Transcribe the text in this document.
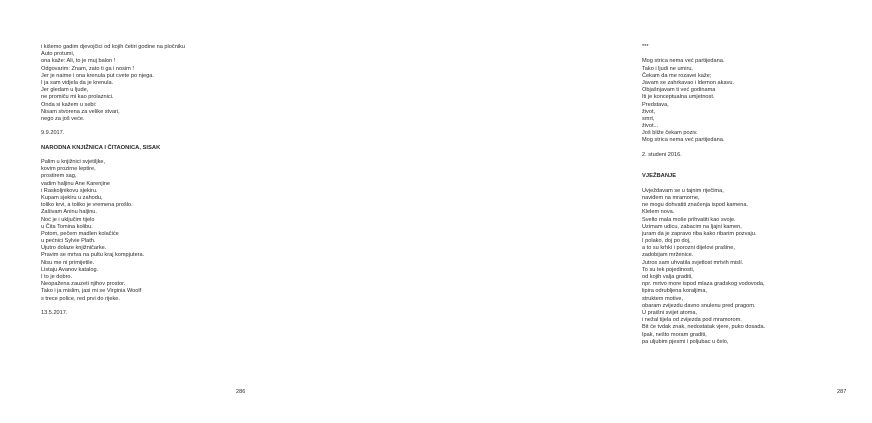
i kišemo gadim djevojčici od kojih četiri godine na pločniku
Auto protumi,
ona kaže: Ali, to je muj balon !
Odgovarim: Znam, zato ti ga i nosim !
Jer je naime i ona krenula put cvete po njega.
I ja sam vidjela da je krenula.
Jer gledam u ljude,
ne promiču mi kao prolaznici.
Onda si kažem u sebi:
Nisam stvorena za velike stvari,
nego za još veće.
9.9.2017.
NARODNA KNJIŽNICA I ČITAONICA, SISAK
Palim u knjižnici svjetiljke,
kovim prozirne leptire,
prostirem sag,
vadim haljinu Ane Karenjine
i Raskoljnikovu sjekiru.
Kupam sjekiru u zahodu,
toliko krvi, a toliko je vremena prošlo.
Zašivam Aninu haljinu.
Noć je i uključim tijelo
u Čita Tomina kolibu.
Potom, pečem madlen kolačiće
u pećnici Sylvie Plath.
Ujutro dolaze knjižničarke.
Pravim se mrtva na pultu kraj kompjutera.
Nisu me ni primijetile.
Listaju Avanov katalog.
I to je dobro.
Neopažena zauzeti njihov prostor.
Tako i ja mislim, jasi mi se Virginia Woolf
s trece police, red prvi do rijeke.
13.5.2017.
286
***
Mog strica nema već partijedana.
Tako i ljudi ne umiru.
Čekam da me rozavei kaže;
Javam se zahrkavao i ldemon akavu.
Objašnjavam ti već godinama
Iti je konceptualna umjetnost.
Predstava,
život,
smrt,
život...
Još bliže čekam poziv.
Mog strica nema već partijedana.
2. studeni 2016.
VJEŽBANJE
Uvježdavam se u tajnim riječima,
naviđem na mramorne,
ne mogu dohvatiti značenja ispod kamena.
Klelem nova.
Svelto mala moše prihvatiti kao svoje.
Uzimam udicu, zabacim na ljajni kamen,
juram da je zapravo riba kako ribarim pozvaju.
I polako, doj po doj,
a to su krhki i porozni dijelovi prašine,
zadobijam mrženice.
Jutros sam uhvatila svjetlost mrtvih mislí.
To su tek pojedinosti,
od kojih valja graditi,
npr. mrtvo more ispod mlaza gradskog vodovoda,
lipira odrubljena koraljima,
struktem motive,
obaram zvijezdu davno snulenu pred pragom.
U praišni svijet atoma,
i nežal tijela od zvijezda pod mramorom.
Bit će tvdak znak, nedostatak vjere, puko dosada.
Ipak, nešto moram graditi,
pa uljubim pjesmi i poljubac u čelo,
287
